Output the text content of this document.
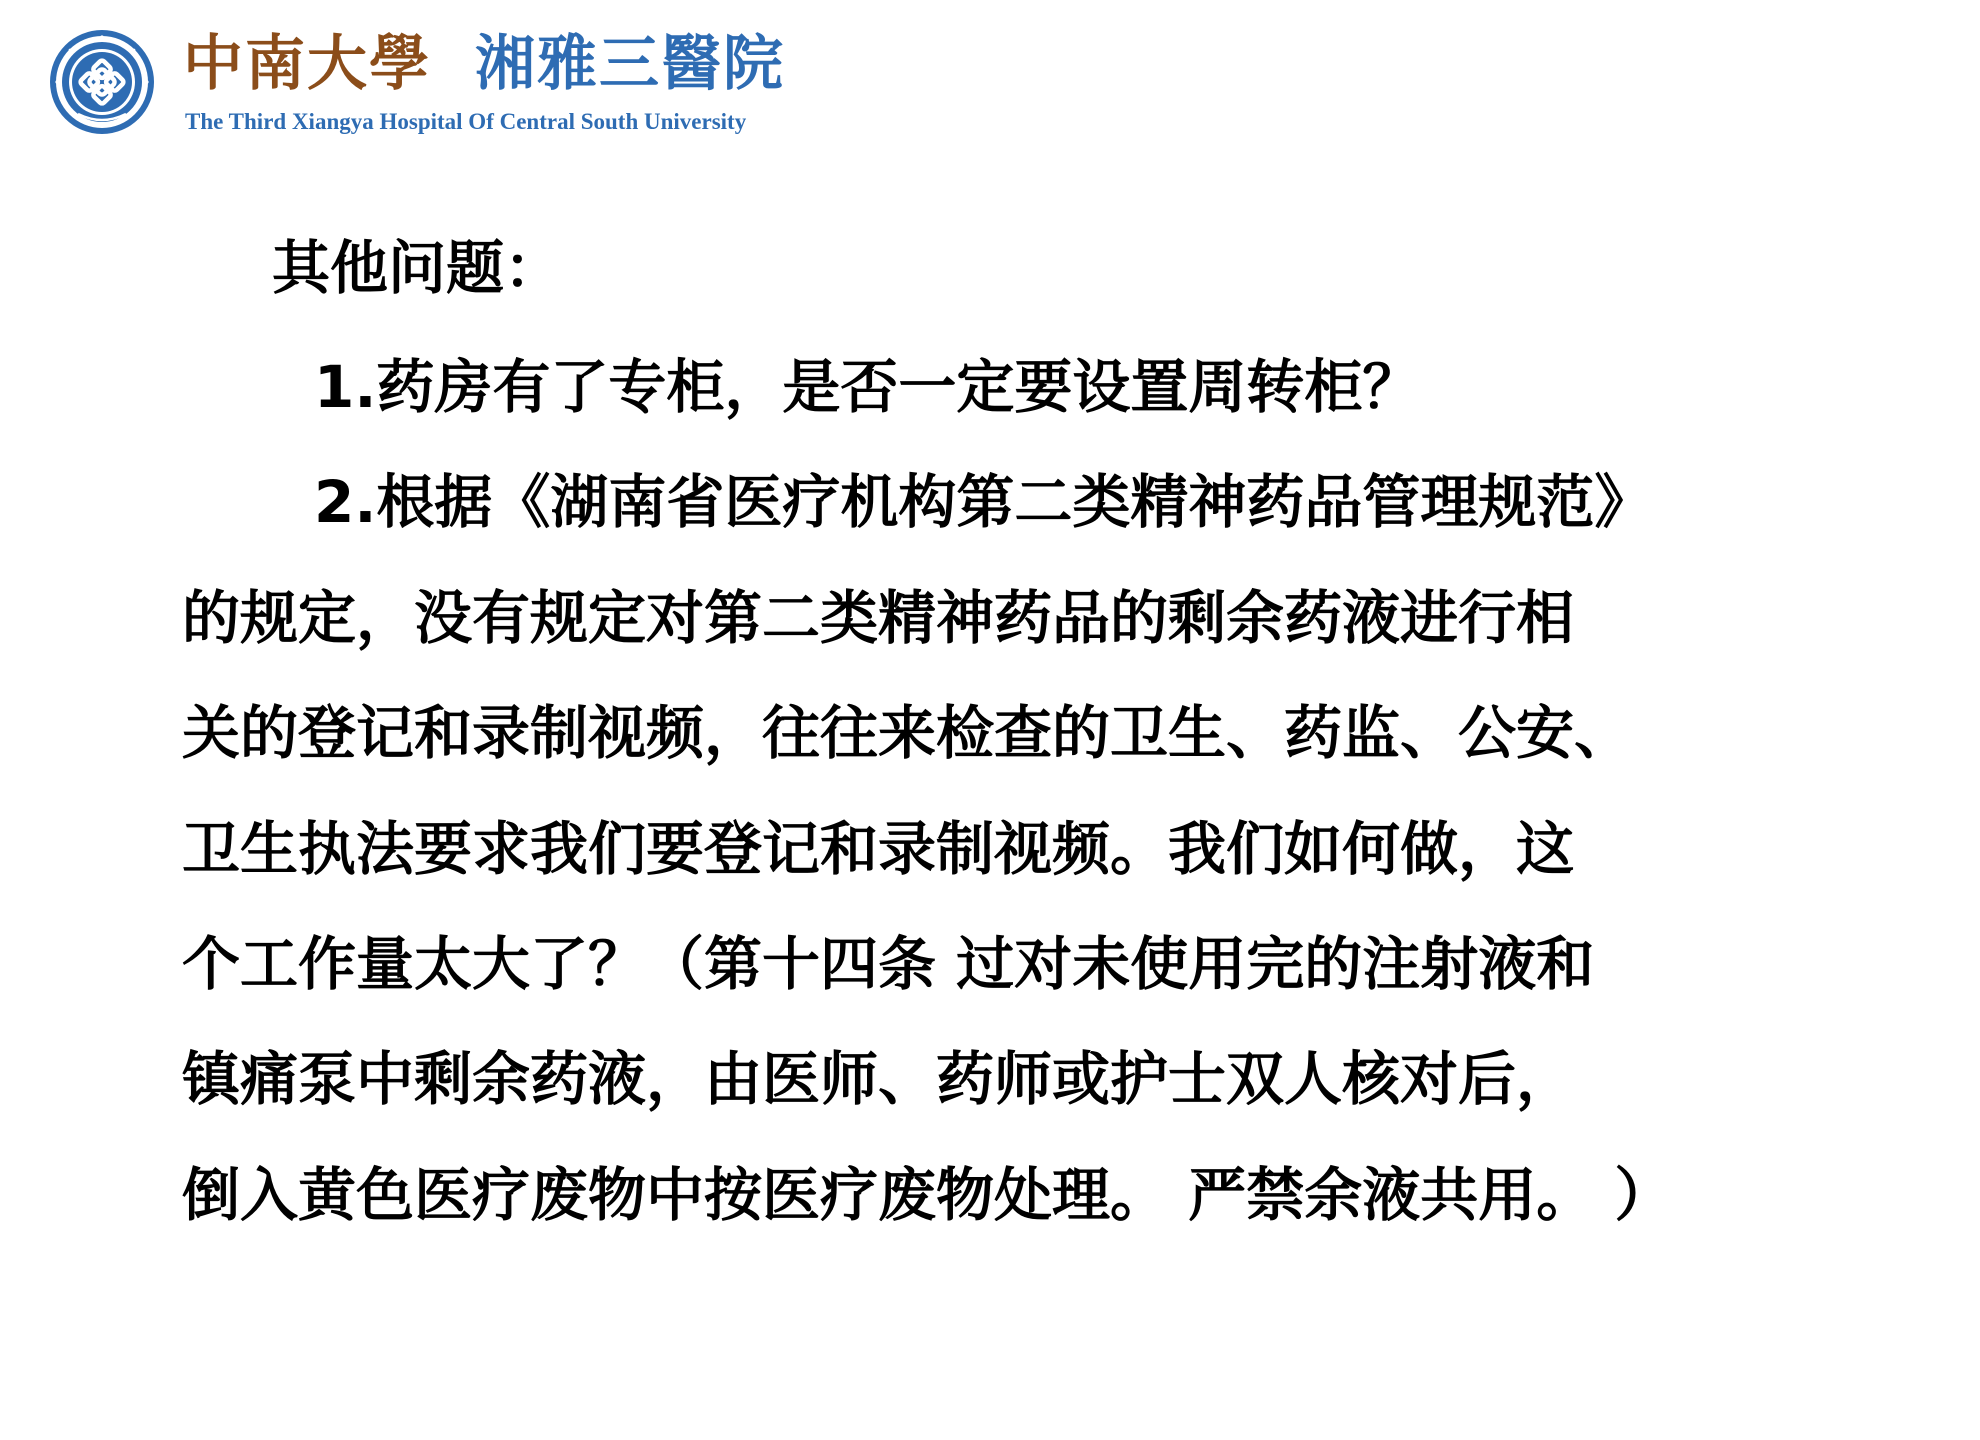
中南大學 湘雅三醫院
The Third Xiangya Hospital Of Central South University
其他问题：
1.药房有了专柜，是否一定要设置周转柜？
2.根据《湖南省医疗机构第二类精神药品管理规范》
的规定，没有规定对第二类精神药品的剩余药液进行相
关的登记和录制视频，往往来检查的卫生、药监、公安、
卫生执法要求我们要登记和录制视频。我们如何做，这
个工作量太大了？（第十四条 过对未使用完的注射液和
镇痛泵中剩余药液，由医师、药师或护士双人核对后，
倒入黄色医疗废物中按医疗废物处理。 严禁余液共用。 ）
